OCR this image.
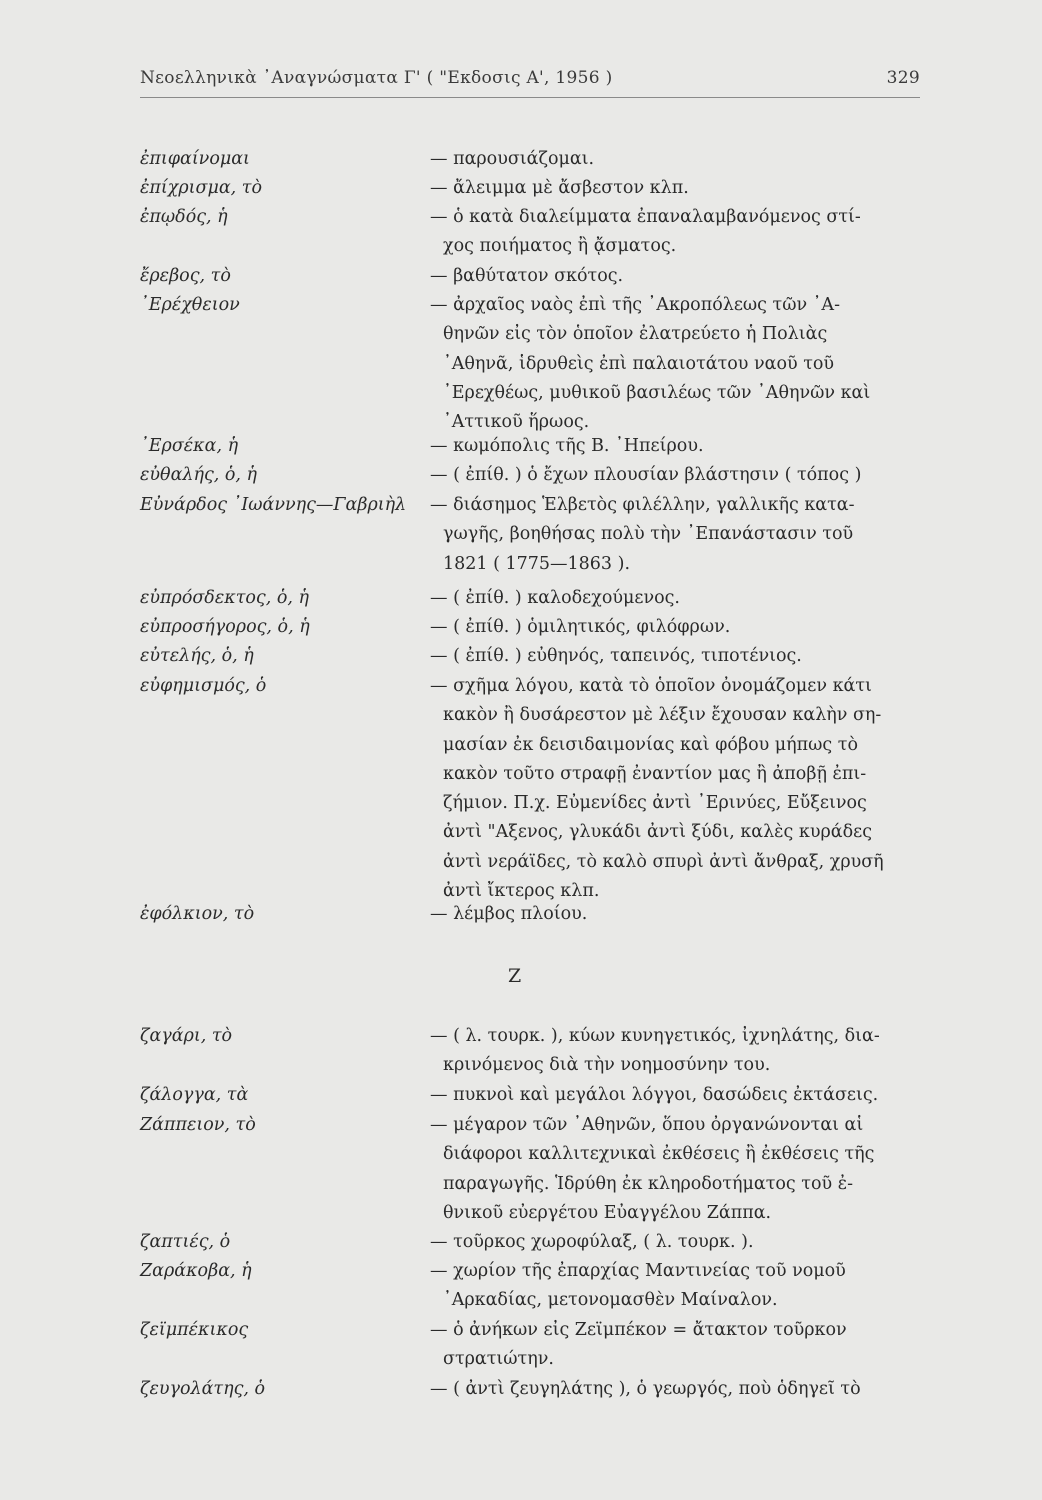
Νεοελληνικὰ ᾿Αναγνώσματα Γ' ( "Εκδοσις Α', 1956 )	329
ἐπιφαίνομαι	— παρουσιάζομαι.
ἐπίχρισμα, τὸ	— ἄλειμμα μὲ ἄσβεστον κλπ.
ἐπῳδός, ἡ	— ὁ κατὰ διαλείμματα ἐπαναλαμβανόμενος στί-
χος ποιήματος ἢ ᾄσματος.
ἔρεβος, τὸ	— βαθύτατον σκότος.
᾿Ερέχθειον	— ἀρχαῖος ναὸς ἐπὶ τῆς ᾿Ακροπόλεως τῶν ᾿Α-
θηνῶν εἰς τὸν ὁποῖον ἐλατρεύετο ἡ Πολιὰς
᾿Αθηνᾶ, ἱδρυθεὶς ἐπὶ παλαιοτάτου ναοῦ τοῦ
᾿Ερεχθέως, μυθικοῦ βασιλέως τῶν ᾿Αθηνῶν καὶ
᾿Αττικοῦ ἥρωος.
᾿Ερσέκα, ἡ	— κωμόπολις τῆς Β. ᾿Ηπείρου.
εὐθαλής, ὁ, ἡ	— ( ἐπίθ. ) ὁ ἔχων πλουσίαν βλάστησιν ( τόπος )
Εὐνάρδος ᾿Ιωάννης—Γαβριὴλ — διάσημος Ἑλβετὸς φιλέλλην, γαλλικῆς κατα-
γωγῆς, βοηθήσας πολὺ τὴν ᾿Επανάστασιν τοῦ
1821 ( 1775—1863 ).
εὐπρόσδεκτος, ὁ, ἡ	— ( ἐπίθ. ) καλοδεχούμενος.
εὐπροσήγορος, ὁ, ἡ	— ( ἐπίθ. ) ὁμιλητικός, φιλόφρων.
εὐτελής, ὁ, ἡ	— ( ἐπίθ. ) εὐθηνός, ταπεινός, τιποτένιος.
εὐφημισμός, ὁ	— σχῆμα λόγου, κατὰ τὸ ὁποῖον ὀνομάζομεν κάτι
κακὸν ἢ δυσάρεστον μὲ λέξιν ἔχουσαν καλὴν ση-
μασίαν ἐκ δεισιδαιμονίας καὶ φόβου μήπως τὸ
κακὸν τοῦτο στραφῇ ἐναντίον μας ἢ ἀποβῇ ἐπι-
ζήμιον. Π.χ. Εὐμενίδες ἀντὶ ᾿Ερινύες, Εὔξεινος
ἀντὶ "Αξενος, γλυκάδι ἀντὶ ξύδι, καλὲς κυράδες
ἀντὶ νεράϊδες, τὸ καλὸ σπυρὶ ἀντὶ ἄνθραξ, χρυσῆ
ἀντὶ ἴκτερος κλπ.
ἐφόλκιον, τὸ	— λέμβος πλοίου.
Ζ
ζαγάρι, τὸ	— ( λ. τουρκ. ), κύων κυνηγετικός, ἰχνηλάτης, δια-
κρινόμενος διὰ τὴν νοημοσύνην του.
ζάλογγα, τὰ	— πυκνοὶ καὶ μεγάλοι λόγγοι, δασώδεις ἐκτάσεις.
Ζάππειον, τὸ	— μέγαρον τῶν ᾿Αθηνῶν, ὅπου ὀργανώνονται αἱ
διάφοροι καλλιτεχνικαὶ ἐκθέσεις ἢ ἐκθέσεις τῆς
παραγωγῆς. Ἱδρύθη ἐκ κληροδοτήματος τοῦ ἐ-
θνικοῦ εὐεργέτου Εὐαγγέλου Ζάππα.
ζαπτιές, ὁ	— τοῦρκος χωροφύλαξ, ( λ. τουρκ. ).
Ζαράκοβα, ἡ	— χωρίον τῆς ἐπαρχίας Μαντινείας τοῦ νομοῦ
᾿Αρκαδίας, μετονομασθὲν Μαίναλον.
ζεϊμπέκικος	— ὁ ἀνήκων εἰς Ζεϊμπέκον = ἄτακτον τοῦρκον
στρατιώτην.
ζευγολάτης, ὁ	— ( ἀντὶ ζευγηλάτης ), ὁ γεωργός, ποὺ ὁδηγεῖ τὸ
